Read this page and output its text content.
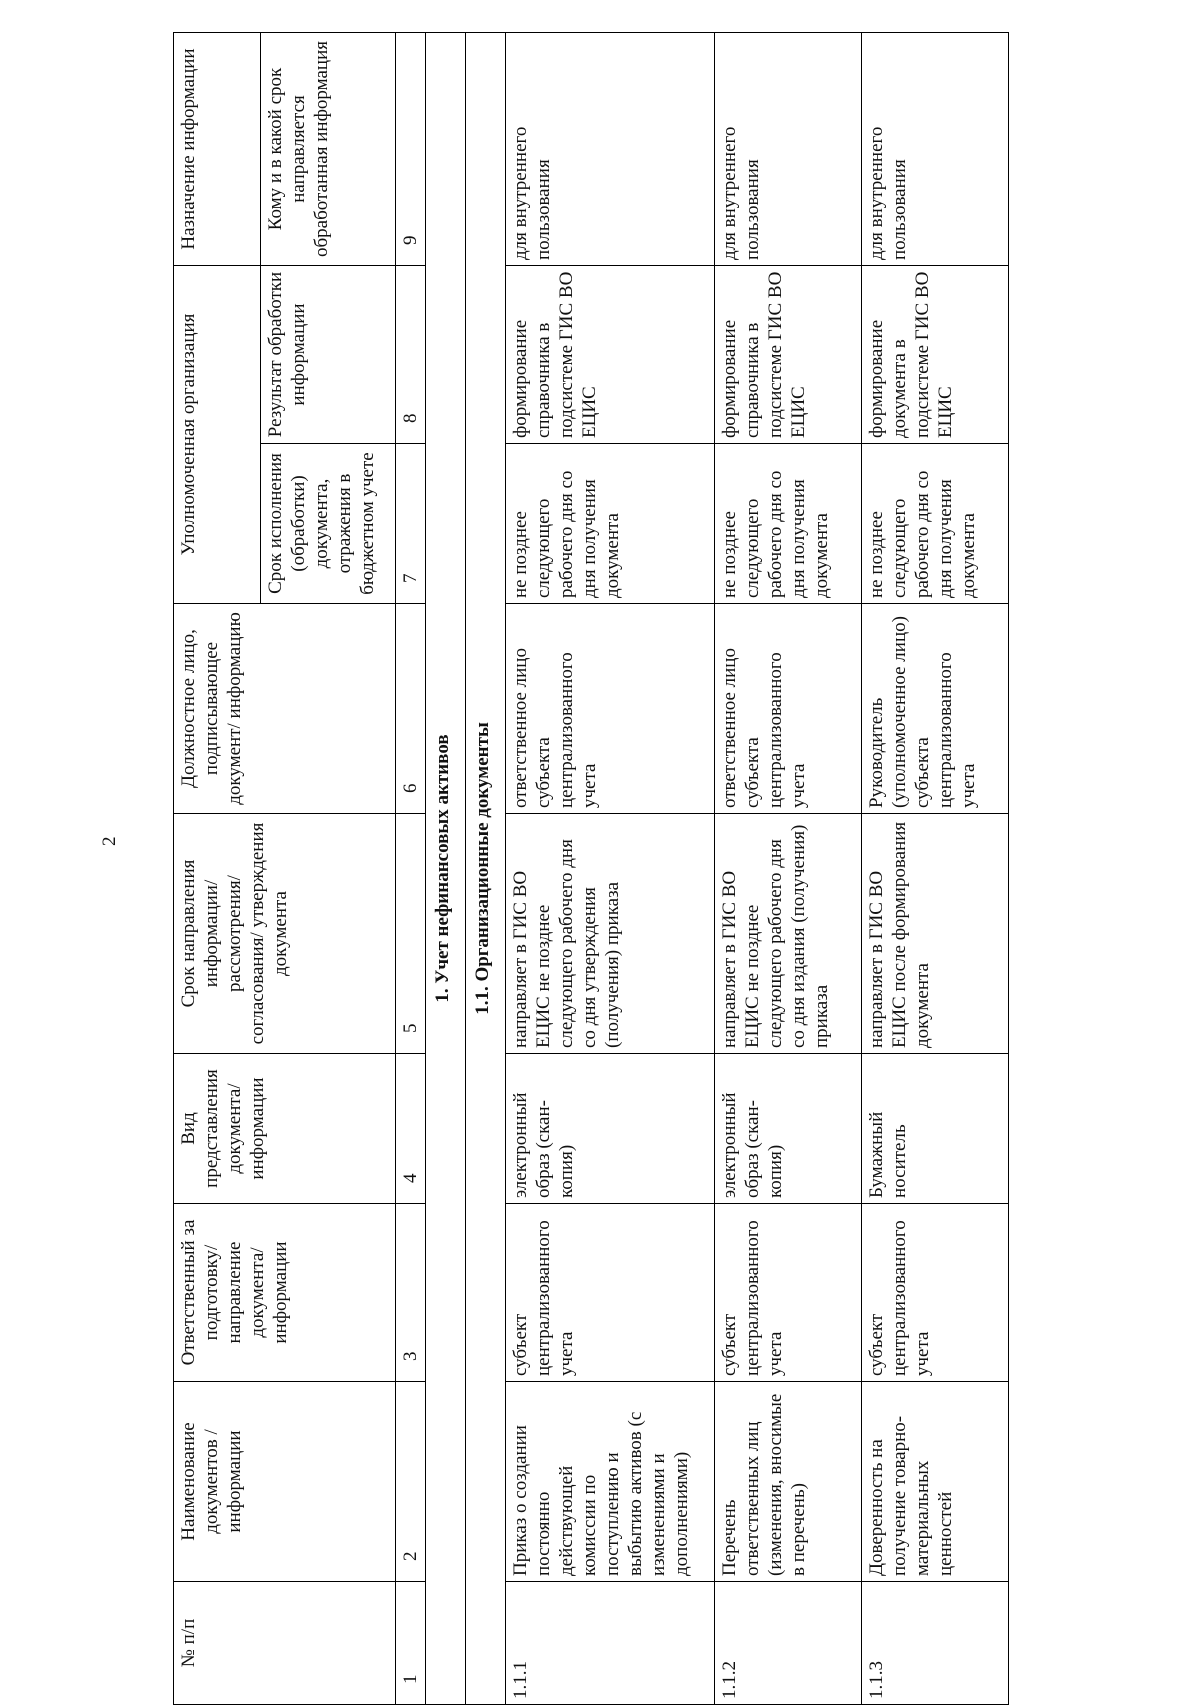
2
№ п/п	Наименование документов / информации	Ответственный за подготовку/ направление документа/ информации	Вид представления документа/ информации	Срок направления информации/ рассмотрения/ согласования/ утверждения документа	Должностное лицо, подписывающее документ/ информацию	Уполномоченная организация		Назначение информации
						Срок исполнения (обработки) документа, отражения в бюджетном учете	Результат обработки информации	Кому и в какой срок направляется обработанная информация
1	2	3	4	5	6	7	8	9
1. Учет нефинансовых активов								
1.1. Организационные документы								
1.1.1	Приказ о создании постоянно действующей комиссии по поступлению и выбытию активов (с изменениями и дополнениями)	субъект централизованного учета	электронный образ (скан-копия)	направляет в ГИС ВО ЕЦИС не позднее следующего рабочего дня со дня утверждения (получения) приказа	ответственное лицо субъекта централизованного учета	не позднее следующего рабочего дня со дня получения документа	формирование справочника в подсистеме ГИС ВО ЕЦИС	для внутреннего пользования
1.1.2	Перечень ответственных лиц (изменения, вносимые в перечень)	субъект централизованного учета	электронный образ (скан-копия)	направляет в ГИС ВО ЕЦИС не позднее следующего рабочего дня со дня издания (получения) приказа	ответственное лицо субъекта централизованного учета	не позднее следующего рабочего дня со дня получения документа	формирование справочника в подсистеме ГИС ВО ЕЦИС	для внутреннего пользования
1.1.3	Доверенность на получение товарно-материальных ценностей	субъект централизованного учета	Бумажный носитель	направляет в ГИС ВО ЕЦИС после формирования документа	Руководитель (уполномоченное лицо) субъекта централизованного учета	не позднее следующего рабочего дня со дня получения документа	формирование документа в подсистеме ГИС ВО ЕЦИС	для внутреннего пользования
